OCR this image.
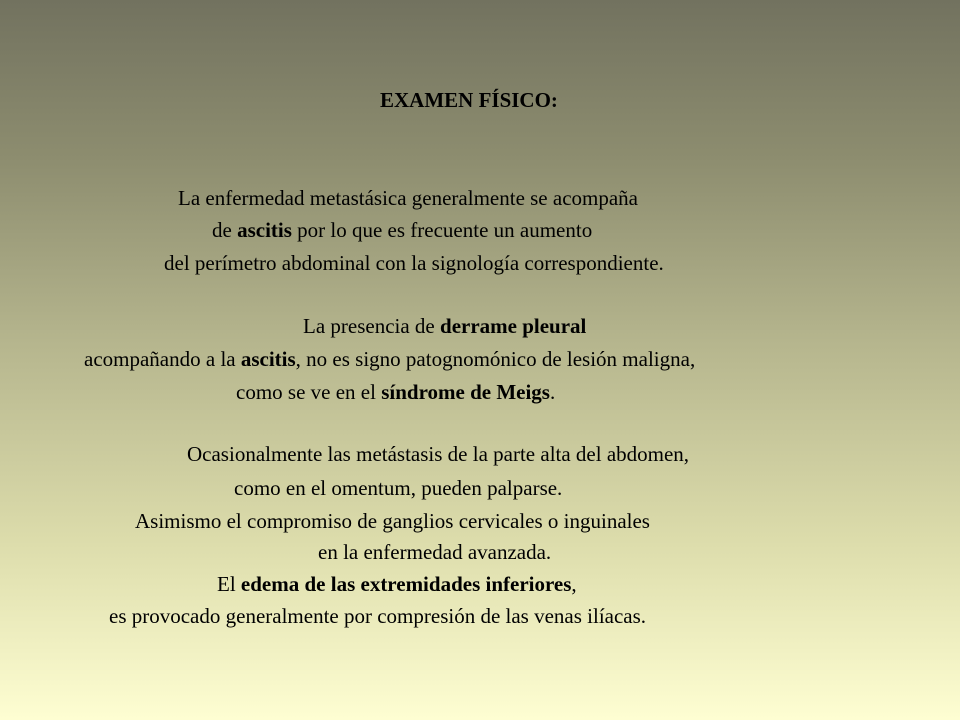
EXAMEN FÍSICO:

La enfermedad metastásica generalmente se acompaña

de ascitis por lo que es frecuente un aumento

del perímetro abdominal con la signología correspondiente.

La presencia de derrame pleural

acompañando a la ascitis, no es signo patognomónico de lesión maligna,

como se ve en el síndrome de Meigs.

Ocasionalmente las metástasis de la parte alta del abdomen,

como en el omentum, pueden palparse.

Asimismo el compromiso de ganglios cervicales o inguinales

en la enfermedad avanzada.

El edema de las extremidades inferiores,

es provocado generalmente por compresión de las venas ilíacas.
